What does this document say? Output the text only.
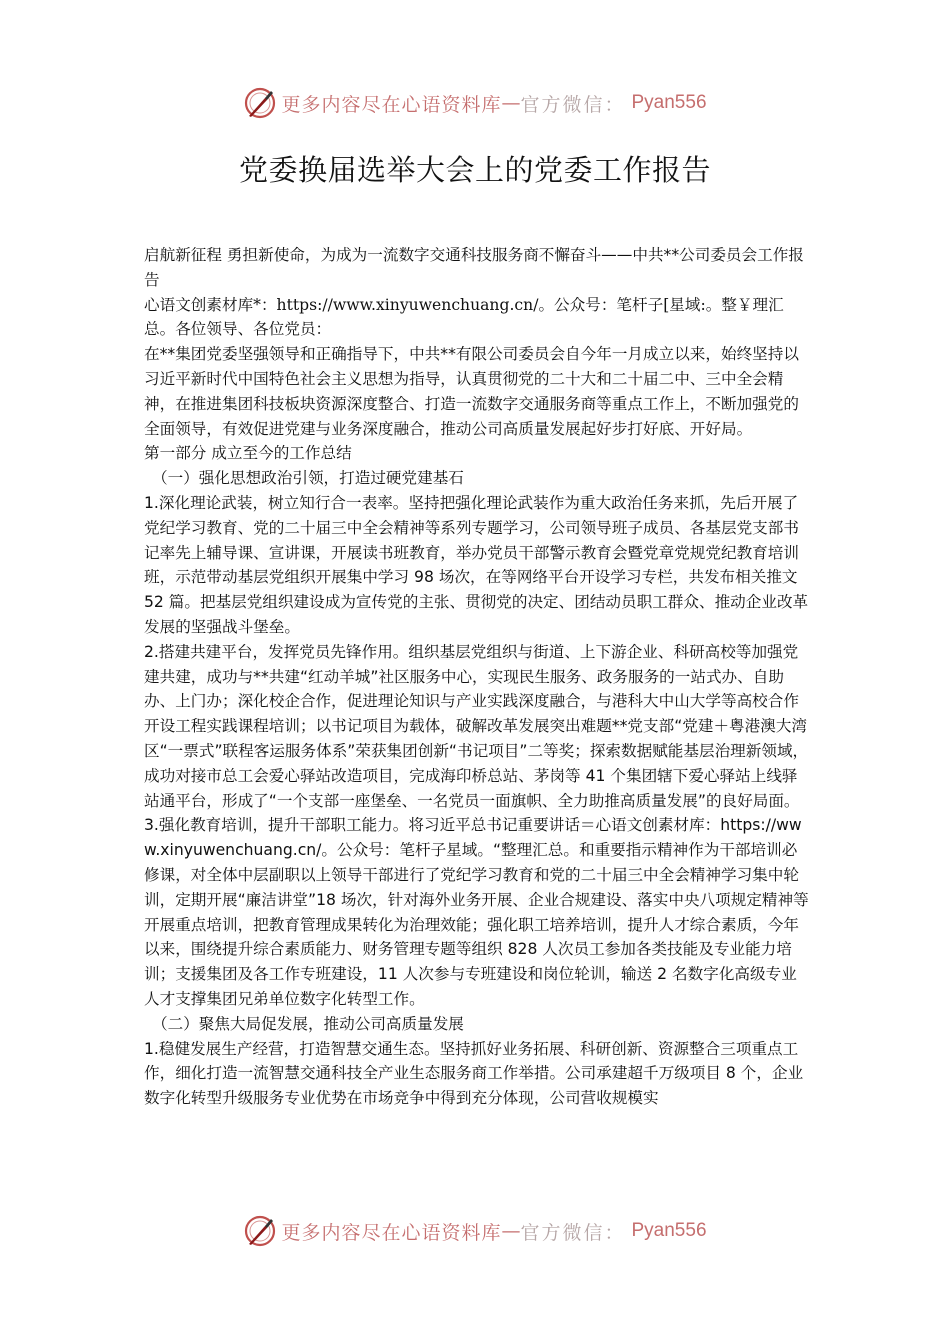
更多内容尽在心语资料库 — 官方微信： Pyan556
党委换届选举大会上的党委工作报告

启航新征程 勇担新使命，为成为一流数字交通科技服务商不懈奋斗——中共**公司委员会工作报告

心语文创素材库*：https://www.xinyuwenchuang.cn/。公众号：笔杆子[星域:。整￥理汇总。各位领导、各位党员：

在**集团党委坚强领导和正确指导下，中共**有限公司委员会自今年一月成立以来，始终坚持以习近平新时代中国特色社会主义思想为指导，认真贯彻党的二十大和二十届二中、三中全会精神，在推进集团科技板块资源深度整合、打造一流数字交通服务商等重点工作上，不断加强党的全面领导，有效促进党建与业务深度融合，推动公司高质量发展起好步打好底、开好局。

第一部分 成立至今的工作总结

（一）强化思想政治引领，打造过硬党建基石

1.深化理论武装，树立知行合一表率。坚持把强化理论武装作为重大政治任务来抓，先后开展了党纪学习教育、党的二十届三中全会精神等系列专题学习，公司领导班子成员、各基层党支部书记率先上辅导课、宣讲课，开展读书班教育，举办党员干部警示教育会暨党章党规党纪教育培训班，示范带动基层党组织开展集中学习 98 场次，在等网络平台开设学习专栏，共发布相关推文 52 篇。把基层党组织建设成为宣传党的主张、贯彻党的决定、团结动员职工群众、推动企业改革发展的坚强战斗堡垒。

2.搭建共建平台，发挥党员先锋作用。组织基层党组织与街道、上下游企业、科研高校等加强党建共建，成功与**共建“红动羊城”社区服务中心，实现民生服务、政务服务的一站式办、自助办、上门办；深化校企合作，促进理论知识与产业实践深度融合，与港科大中山大学等高校合作开设工程实践课程培训；以书记项目为载体，破解改革发展突出难题**党支部“党建＋粤港澳大湾区“一票式”联程客运服务体系”荣获集团创新“书记项目”二等奖；探索数据赋能基层治理新领域，成功对接市总工会爱心驿站改造项目，完成海印桥总站、茅岗等 41 个集团辖下爱心驿站上线驿站通平台，形成了“一个支部一座堡垒、一名党员一面旗帜、全力助推高质量发展”的良好局面。

3.强化教育培训，提升干部职工能力。将习近平总书记重要讲话＝心语文创素材库：https://www.xinyuwenchuang.cn/。公众号：笔杆子星域。“整理汇总。和重要指示精神作为干部培训必修课，对全体中层副职以上领导干部进行了党纪学习教育和党的二十届三中全会精神学习集中轮训，定期开展“廉洁讲堂”18 场次，针对海外业务开展、企业合规建设、落实中央八项规定精神等开展重点培训，把教育管理成果转化为治理效能；强化职工培养培训，提升人才综合素质，今年以来，围绕提升综合素质能力、财务管理专题等组织 828 人次员工参加各类技能及专业能力培训；支援集团及各工作专班建设，11 人次参与专班建设和岗位轮训，输送 2 名数字化高级专业人才支撑集团兄弟单位数字化转型工作。

（二）聚焦大局促发展，推动公司高质量发展

1.稳健发展生产经营，打造智慧交通生态。坚持抓好业务拓展、科研创新、资源整合三项重点工作，细化打造一流智慧交通科技全产业生态服务商工作举措。公司承建超千万级项目 8 个，企业数字化转型升级服务专业优势在市场竞争中得到充分体现，公司营收规模实

更多内容尽在心语资料库 — 官方微信： Pyan556
